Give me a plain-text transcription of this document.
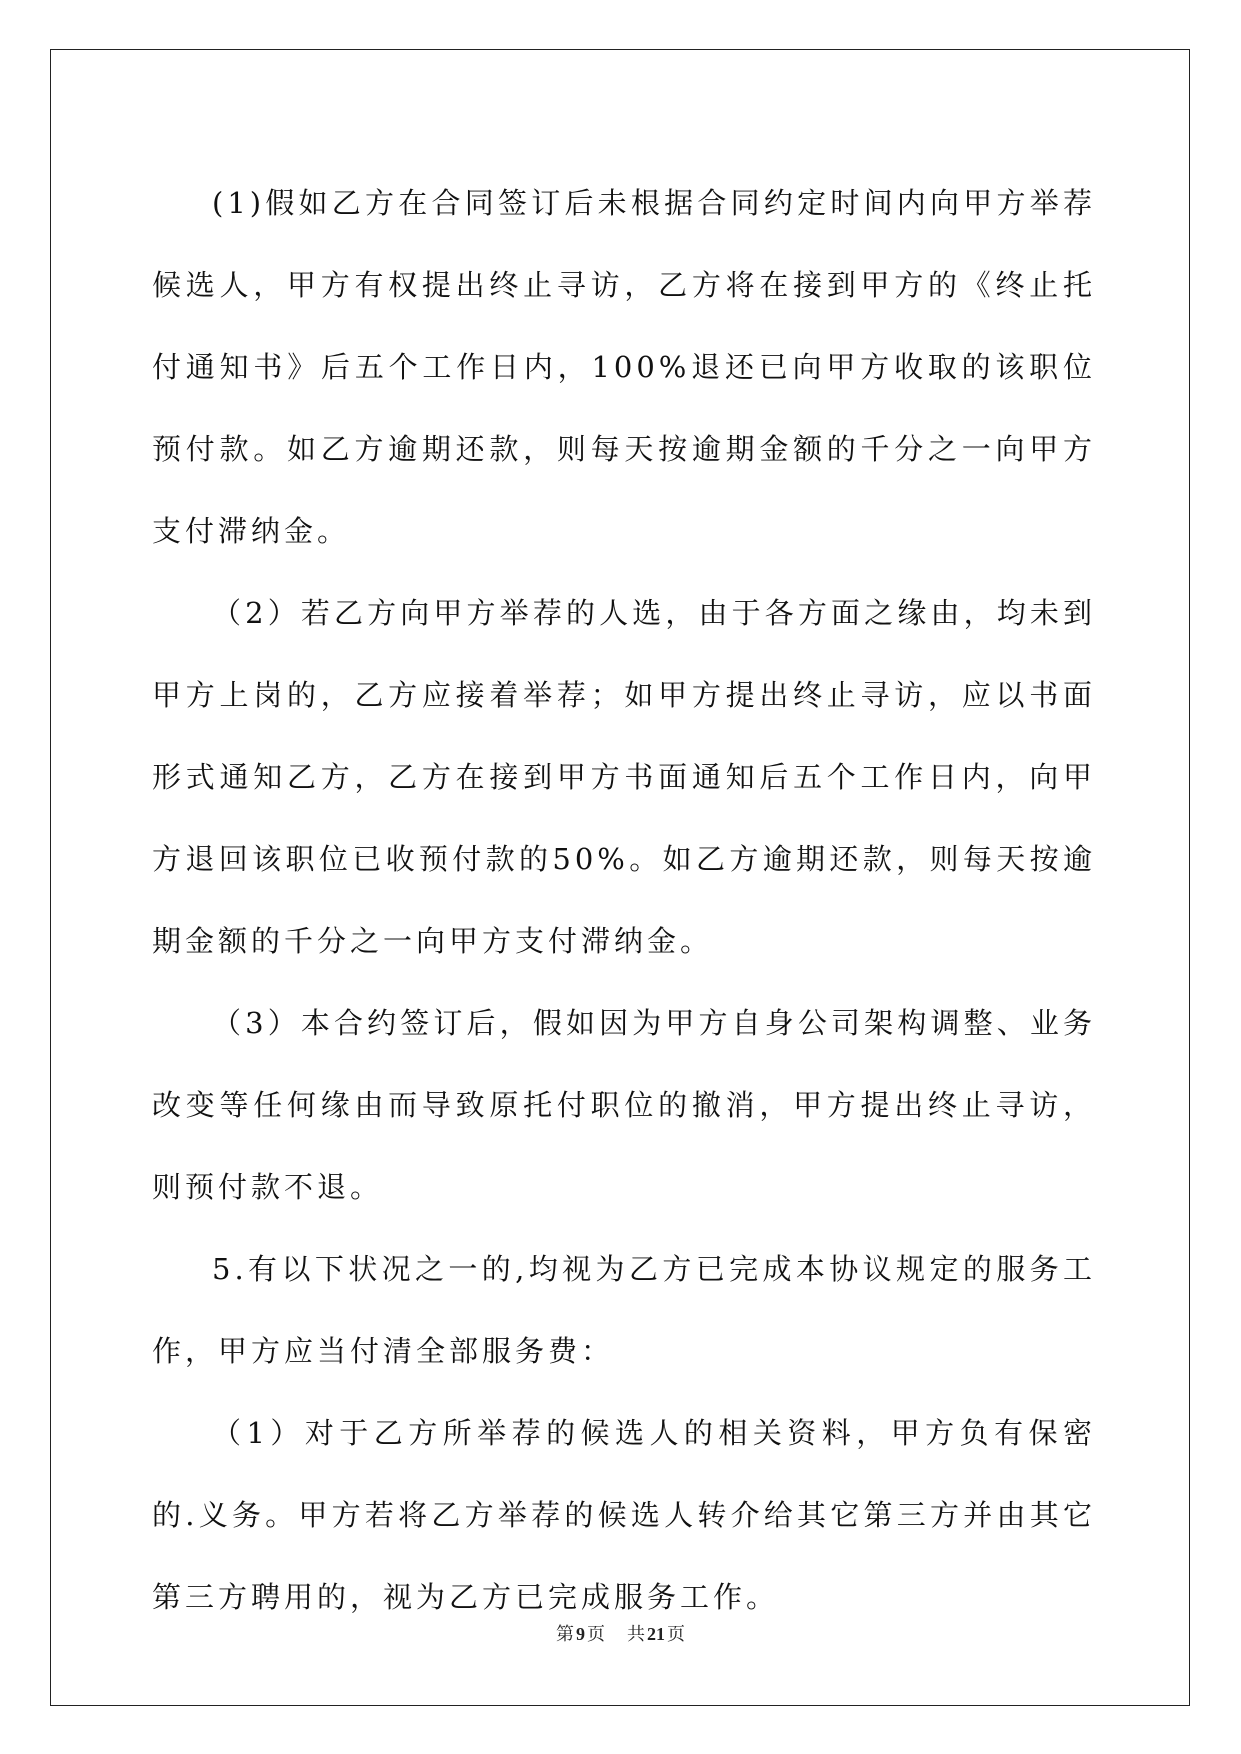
(1)假如乙方在合同签订后未根据合同约定时间内向甲方举荐候选人，甲方有权提出终止寻访，乙方将在接到甲方的《终止托付通知书》后五个工作日内，100%退还已向甲方收取的该职位预付款。如乙方逾期还款，则每天按逾期金额的千分之一向甲方支付滞纳金。

（2）若乙方向甲方举荐的人选，由于各方面之缘由，均未到甲方上岗的，乙方应接着举荐；如甲方提出终止寻访，应以书面形式通知乙方，乙方在接到甲方书面通知后五个工作日内，向甲方退回该职位已收预付款的50%。如乙方逾期还款，则每天按逾期金额的千分之一向甲方支付滞纳金。

（3）本合约签订后，假如因为甲方自身公司架构调整、业务改变等任何缘由而导致原托付职位的撤消，甲方提出终止寻访，则预付款不退。

5.有以下状况之一的,均视为乙方已完成本协议规定的服务工作，甲方应当付清全部服务费：

（1）对于乙方所举荐的候选人的相关资料，甲方负有保密的.义务。甲方若将乙方举荐的候选人转介给其它第三方并由其它第三方聘用的，视为乙方已完成服务工作。

第 9 页 共 21 页
